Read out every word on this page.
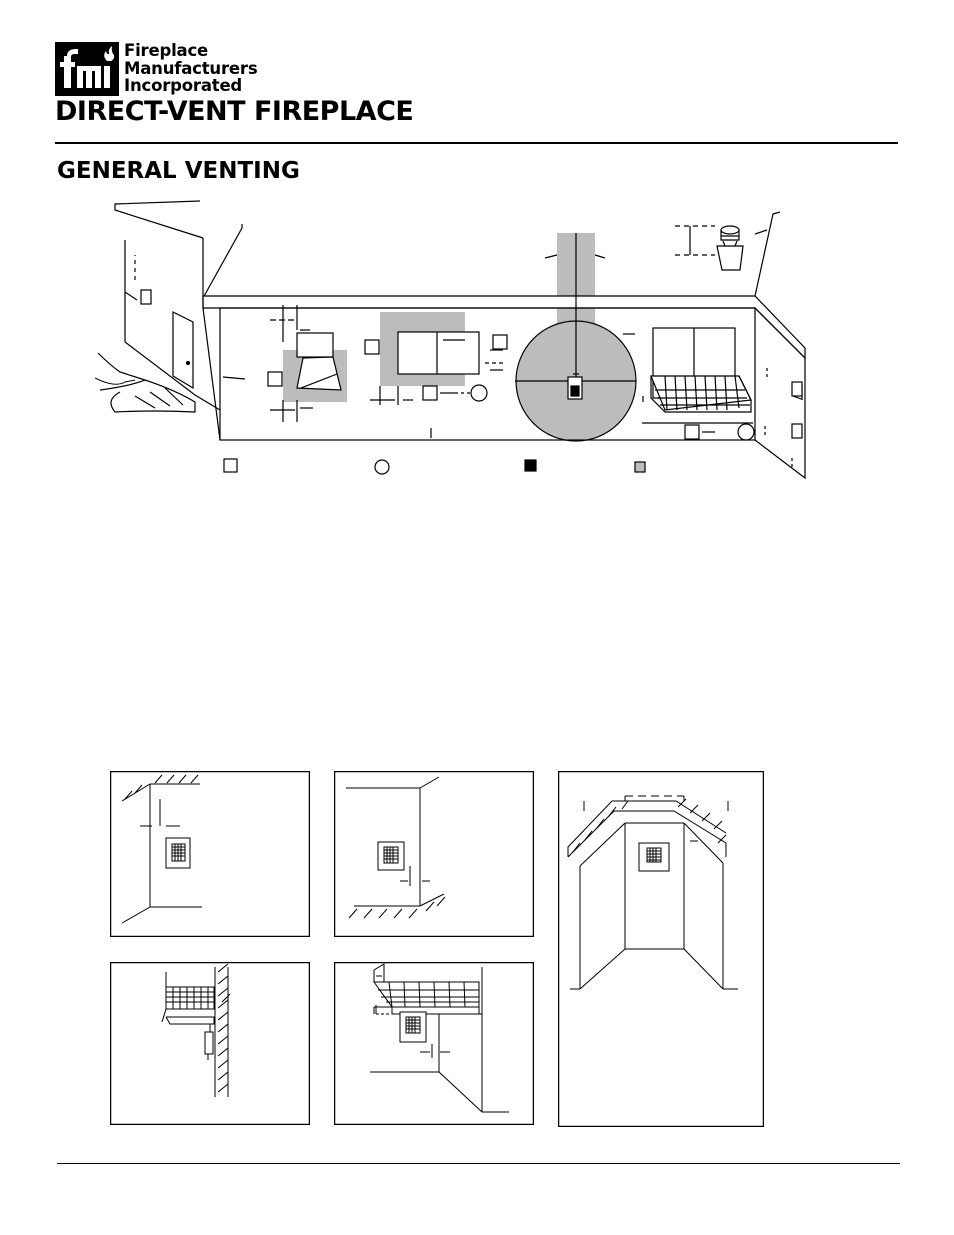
Fireplace
Manufacturers
Incorporated
DIRECT-VENT FIREPLACE
GENERAL VENTING
